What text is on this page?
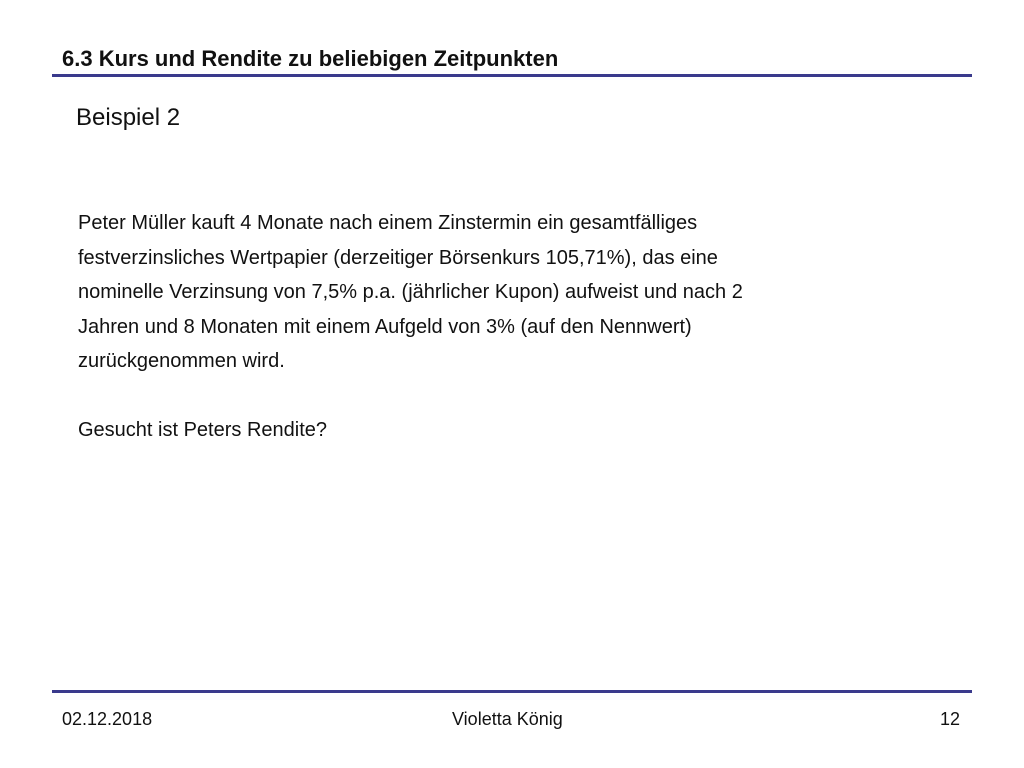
6.3 Kurs und Rendite zu beliebigen Zeitpunkten
Beispiel 2
Peter Müller kauft 4 Monate nach einem Zinstermin ein gesamtfälliges
festverzinsliches Wertpapier (derzeitiger Börsenkurs 105,71%), das eine
nominelle Verzinsung von 7,5% p.a. (jährlicher Kupon) aufweist und nach 2
Jahren und 8 Monaten mit einem Aufgeld von 3% (auf den Nennwert)
zurückgenommen wird.
Gesucht ist Peters Rendite?
02.12.2018	Violetta König	12
